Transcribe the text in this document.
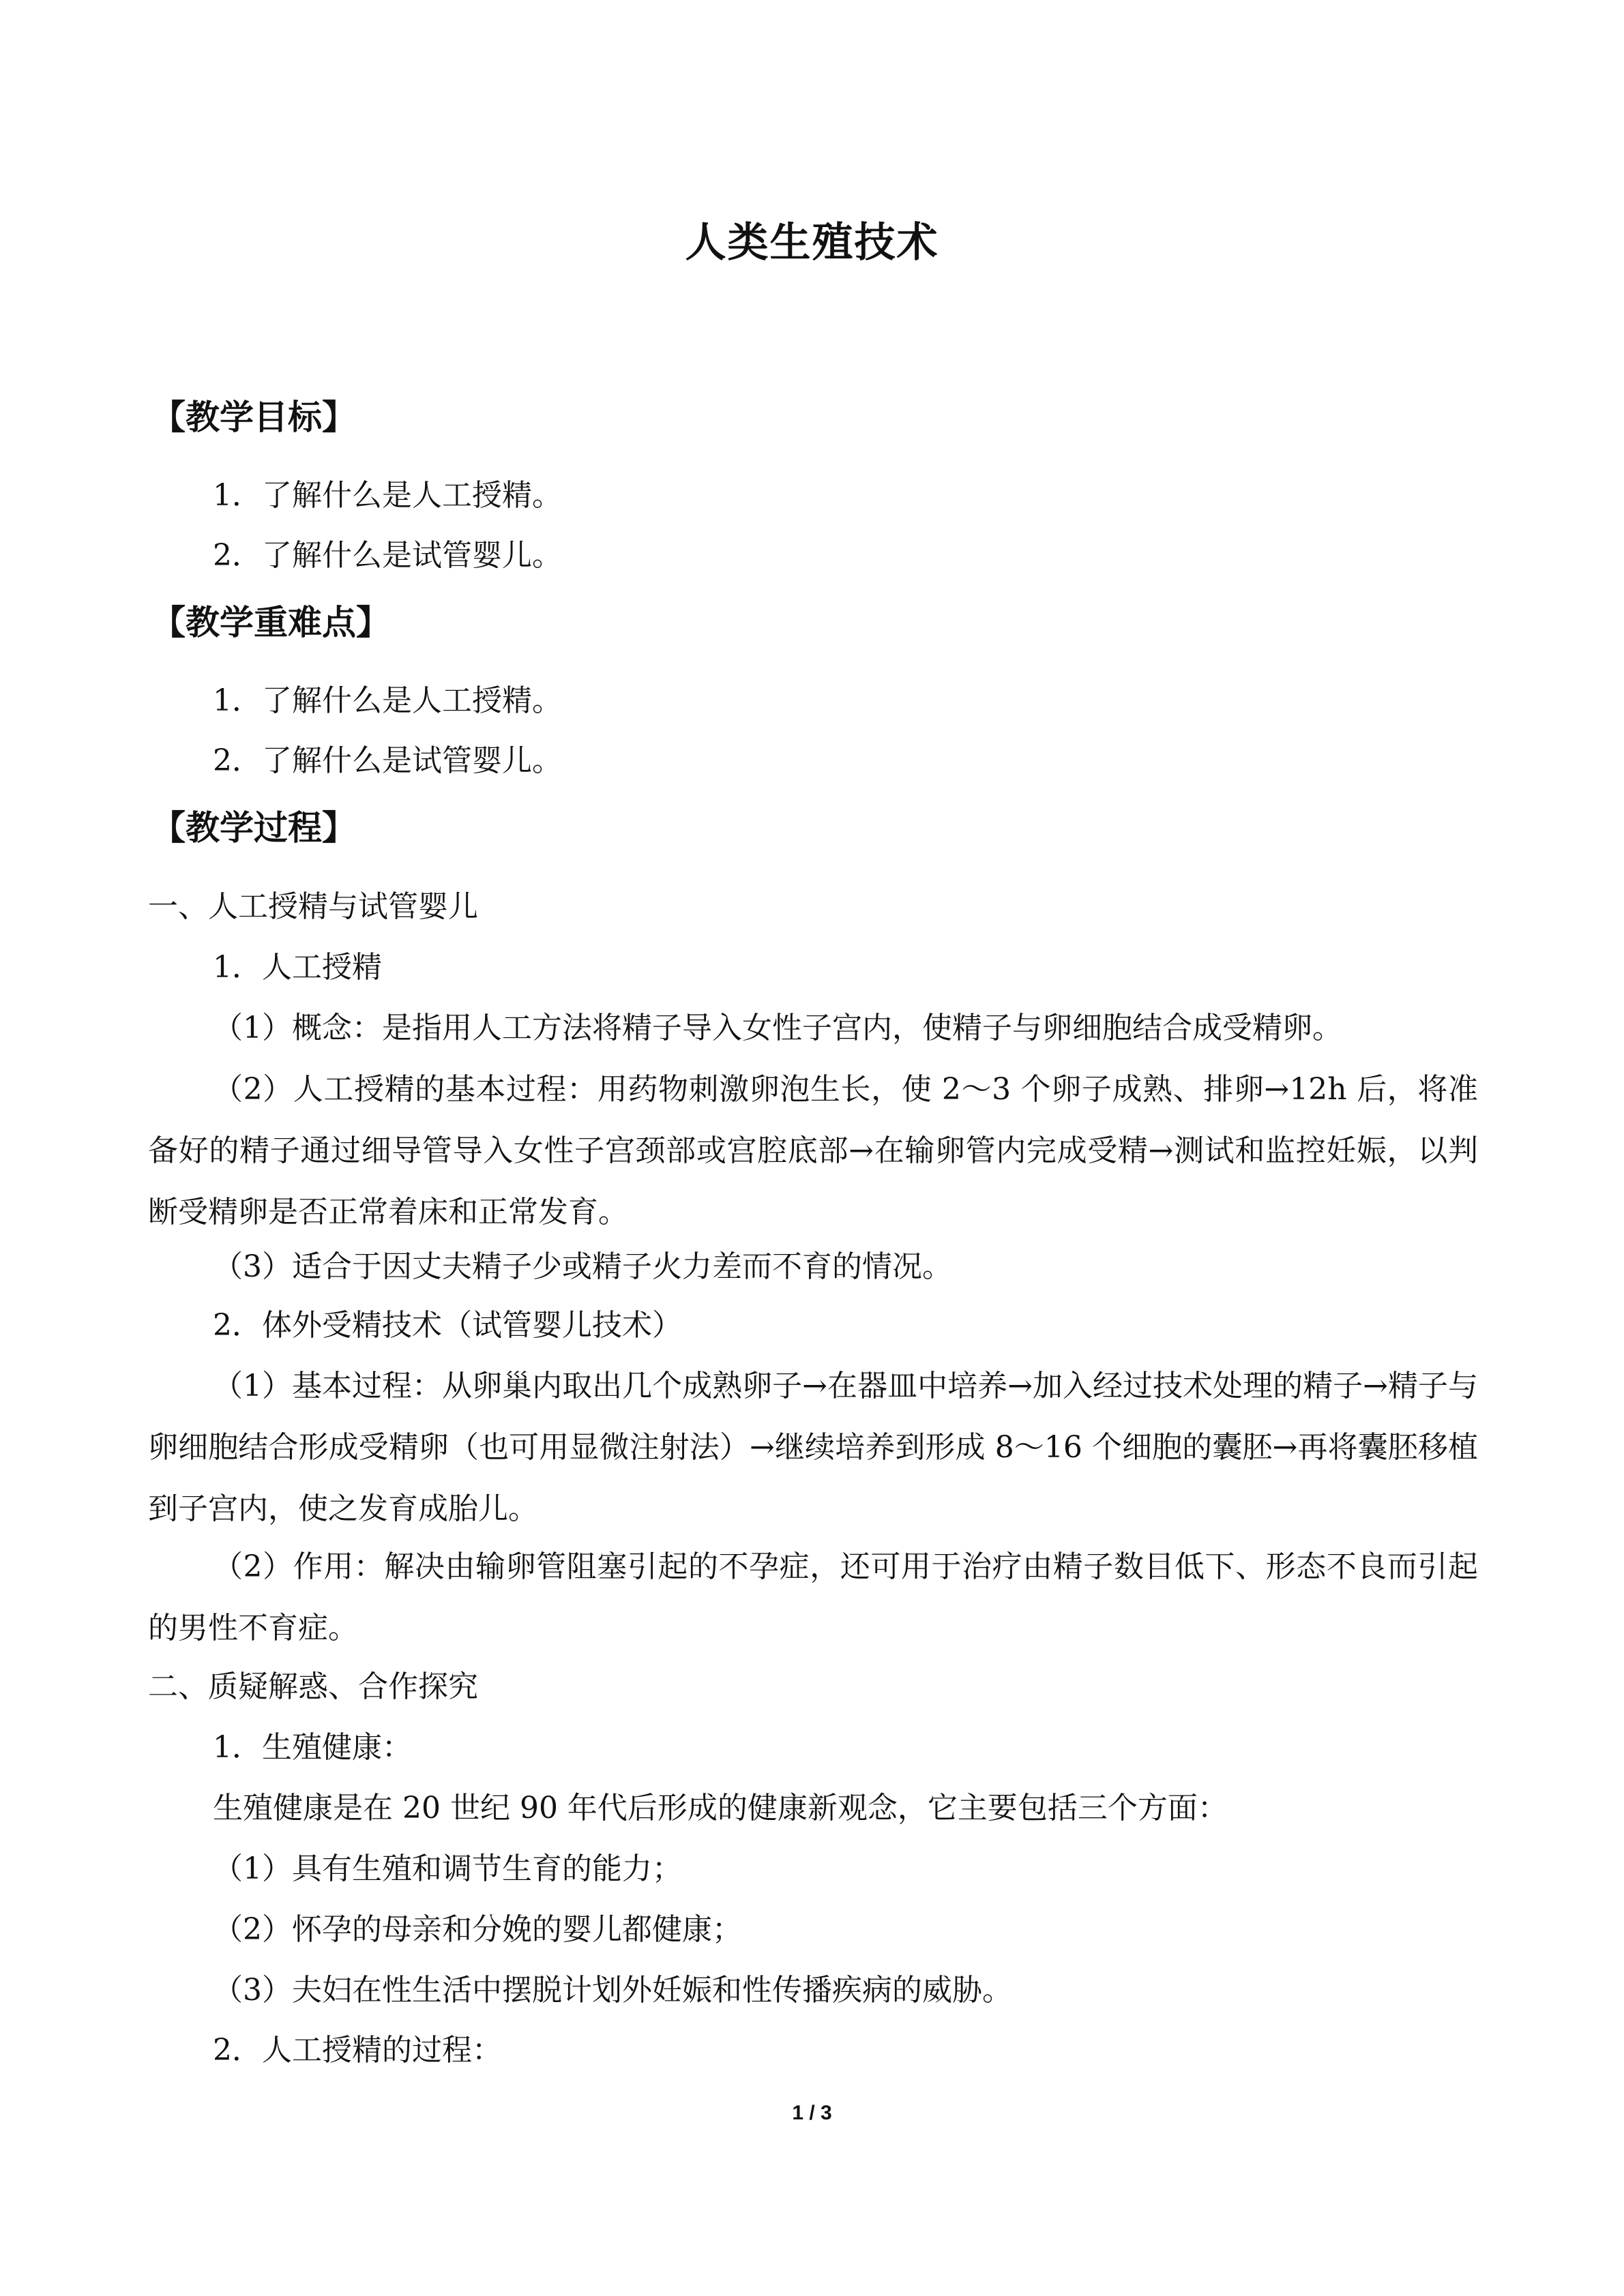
人类生殖技术
【教学目标】
1．了解什么是人工授精。
2．了解什么是试管婴儿。
【教学重难点】
1．了解什么是人工授精。
2．了解什么是试管婴儿。
【教学过程】
一、人工授精与试管婴儿
1．人工授精
（1）概念：是指用人工方法将精子导入女性子宫内，使精子与卵细胞结合成受精卵。
（2）人工授精的基本过程：用药物刺激卵泡生长，使 2～3 个卵子成熟、排卵→12h 后，将准备好的精子通过细导管导入女性子宫颈部或宫腔底部→在输卵管内完成受精→测试和监控妊娠，以判断受精卵是否正常着床和正常发育。
（3）适合于因丈夫精子少或精子火力差而不育的情况。
2．体外受精技术（试管婴儿技术）
（1）基本过程：从卵巢内取出几个成熟卵子→在器皿中培养→加入经过技术处理的精子→精子与卵细胞结合形成受精卵（也可用显微注射法）→继续培养到形成 8～16 个细胞的囊胚→再将囊胚移植到子宫内，使之发育成胎儿。
（2）作用：解决由输卵管阻塞引起的不孕症，还可用于治疗由精子数目低下、形态不良而引起的男性不育症。
二、质疑解惑、合作探究
1．生殖健康：
生殖健康是在 20 世纪 90 年代后形成的健康新观念，它主要包括三个方面：
（1）具有生殖和调节生育的能力；
（2）怀孕的母亲和分娩的婴儿都健康；
（3）夫妇在性生活中摆脱计划外妊娠和性传播疾病的威胁。
2．人工授精的过程：
1 / 3
